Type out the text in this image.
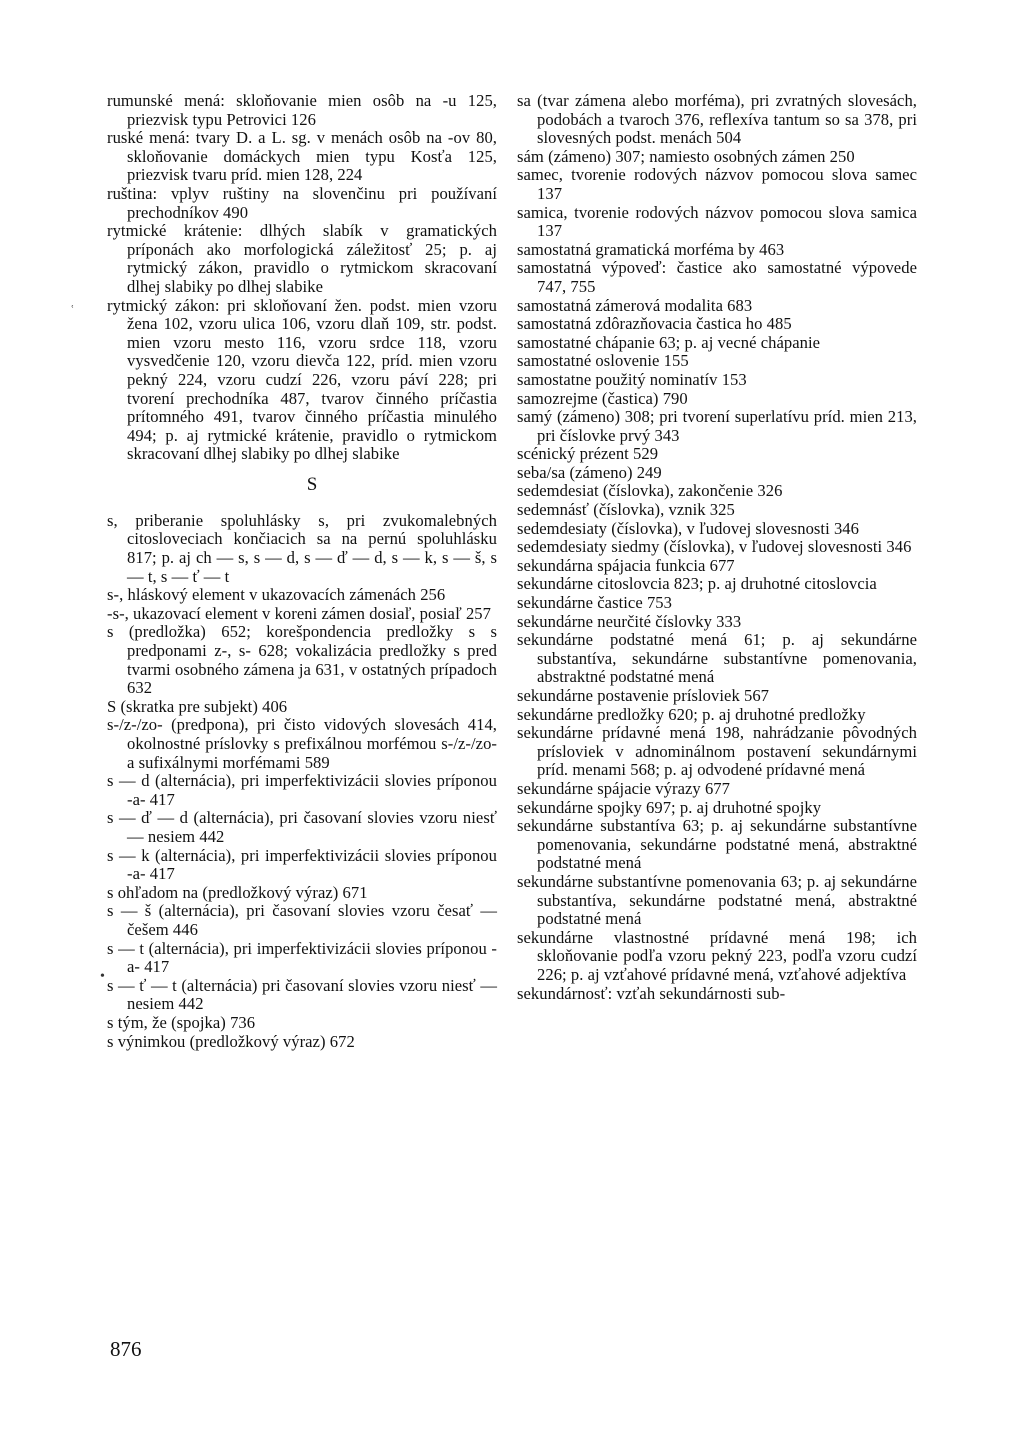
ʿ
•

rumunské mená: skloňovanie mien osôb na -u 125, priezvisk typu Petrovici 126

ruské mená: tvary D. a L. sg. v menách osôb na -ov 80, skloňovanie domáckych mien typu Kosťa 125, priezvisk tvaru príd. mien 128, 224

ruština: vplyv ruštiny na slovenčinu pri používaní prechodníkov 490

rytmické krátenie: dlhých slabík v gramatických príponách ako morfologická záležitosť 25; p. aj rytmický zákon, pravidlo o rytmickom skracovaní dlhej slabiky po dlhej slabike

rytmický zákon: pri skloňovaní žen. podst. mien vzoru žena 102, vzoru ulica 106, vzoru dlaň 109, str. podst. mien vzoru mesto 116, vzoru srdce 118, vzoru vysvedčenie 120, vzoru dievča 122, príd. mien vzoru pekný 224, vzoru cudzí 226, vzoru páví 228; pri tvorení prechodníka 487, tvarov činného príčastia prítomného 491, tvarov činného príčastia minulého 494; p. aj rytmické krátenie, pravidlo o rytmickom skracovaní dlhej slabiky po dlhej slabike

S

s, priberanie spoluhlásky s, pri zvukomalebných citosloveciach končiacich sa na pernú spoluhlásku 817; p. aj ch — s, s — d, s — ď — d, s — k, s — š, s — t, s — ť — t

s-, hláskový element v ukazovacích zámenách 256

-s-, ukazovací element v koreni zámen dosiaľ, posiaľ 257

s (predložka) 652; korešpondencia predložky s s predponami z-, s- 628; vokalizácia predložky s pred tvarmi osobného zámena ja 631, v ostatných prípadoch 632

S (skratka pre subjekt) 406

s-/z-/zo- (predpona), pri čisto vidových slovesách 414, okolnostné príslovky s prefixálnou morfémou s-/z-/zo- a sufixálnymi morfémami 589

s — d (alternácia), pri imperfektivizácii slovies príponou -a- 417

s — ď — d (alternácia), pri časovaní slovies vzoru niesť — nesiem 442

s — k (alternácia), pri imperfektivizácii slovies príponou -a- 417

s ohľadom na (predložkový výraz) 671

s — š (alternácia), pri časovaní slovies vzoru česať — češem 446

s — t (alternácia), pri imperfektivizácii slovies príponou -a- 417

s — ť — t (alternácia) pri časovaní slovies vzoru niesť — nesiem 442

s tým, že (spojka) 736

s výnimkou (predložkový výraz) 672

sa (tvar zámena alebo morféma), pri zvratných slovesách, podobách a tvaroch 376, reflexíva tantum so sa 378, pri slovesných podst. menách 504

sám (zámeno) 307; namiesto osobných zámen 250

samec, tvorenie rodových názvov pomocou slova samec 137

samica, tvorenie rodových názvov pomocou slova samica 137

samostatná gramatická morféma by 463

samostatná výpoveď: častice ako samostatné výpovede 747, 755

samostatná zámerová modalita 683

samostatná zdôrazňovacia častica ho 485

samostatné chápanie 63; p. aj vecné chápanie

samostatné oslovenie 155

samostatne použitý nominatív 153

samozrejme (častica) 790

samý (zámeno) 308; pri tvorení superlatívu príd. mien 213, pri číslovke prvý 343

scénický prézent 529

seba/sa (zámeno) 249

sedemdesiat (číslovka), zakončenie 326

sedemnásť (číslovka), vznik 325

sedemdesiaty (číslovka), v ľudovej slovesnosti 346

sedemdesiaty siedmy (číslovka), v ľudovej slovesnosti 346

sekundárna spájacia funkcia 677

sekundárne citoslovcia 823; p. aj druhotné citoslovcia

sekundárne častice 753

sekundárne neurčité číslovky 333

sekundárne podstatné mená 61; p. aj sekundárne substantíva, sekundárne substantívne pomenovania, abstraktné podstatné mená

sekundárne postavenie prísloviek 567

sekundárne predložky 620; p. aj druhotné predložky

sekundárne prídavné mená 198, nahrádzanie pôvodných prísloviek v adnominálnom postavení sekundárnymi príd. menami 568; p. aj odvodené prídavné mená

sekundárne spájacie výrazy 677

sekundárne spojky 697; p. aj druhotné spojky

sekundárne substantíva 63; p. aj sekundárne substantívne pomenovania, sekundárne podstatné mená, abstraktné podstatné mená

sekundárne substantívne pomenovania 63; p. aj sekundárne substantíva, sekundárne podstatné mená, abstraktné podstatné mená

sekundárne vlastnostné prídavné mená 198; ich skloňovanie podľa vzoru pekný 223, podľa vzoru cudzí 226; p. aj vzťahové prídavné mená, vzťahové adjektíva

sekundárnosť: vzťah sekundárnosti sub-

876
